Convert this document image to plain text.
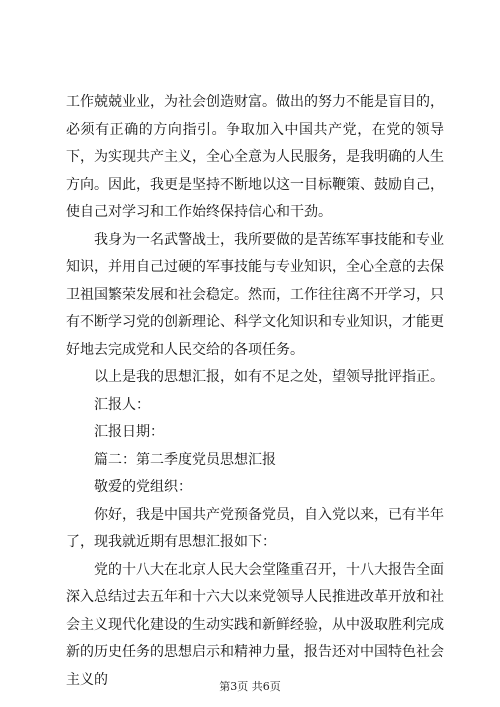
工作兢兢业业，为社会创造财富。做出的努力不能是盲目的，必须有正确的方向指引。争取加入中国共产党，在党的领导下，为实现共产主义，全心全意为人民服务，是我明确的人生方向。因此，我更是坚持不断地以这一目标鞭策、鼓励自己，使自己对学习和工作始终保持信心和干劲。

我身为一名武警战士，我所要做的是苦练军事技能和专业知识，并用自己过硬的军事技能与专业知识，全心全意的去保卫祖国繁荣发展和社会稳定。然而，工作往往离不开学习，只有不断学习党的创新理论、科学文化知识和专业知识，才能更好地去完成党和人民交给的各项任务。

以上是我的思想汇报，如有不足之处，望领导批评指正。

汇报人：

汇报日期：

篇二：第二季度党员思想汇报

敬爱的党组织：

你好，我是中国共产党预备党员，自入党以来，已有半年了，现我就近期有思想汇报如下：

党的十八大在北京人民大会堂隆重召开，十八大报告全面深入总结过去五年和十六大以来党领导人民推进改革开放和社会主义现代化建设的生动实践和新鲜经验，从中汲取胜利完成新的历史任务的思想启示和精神力量，报告还对中国特色社会主义的	第3页 共6页
